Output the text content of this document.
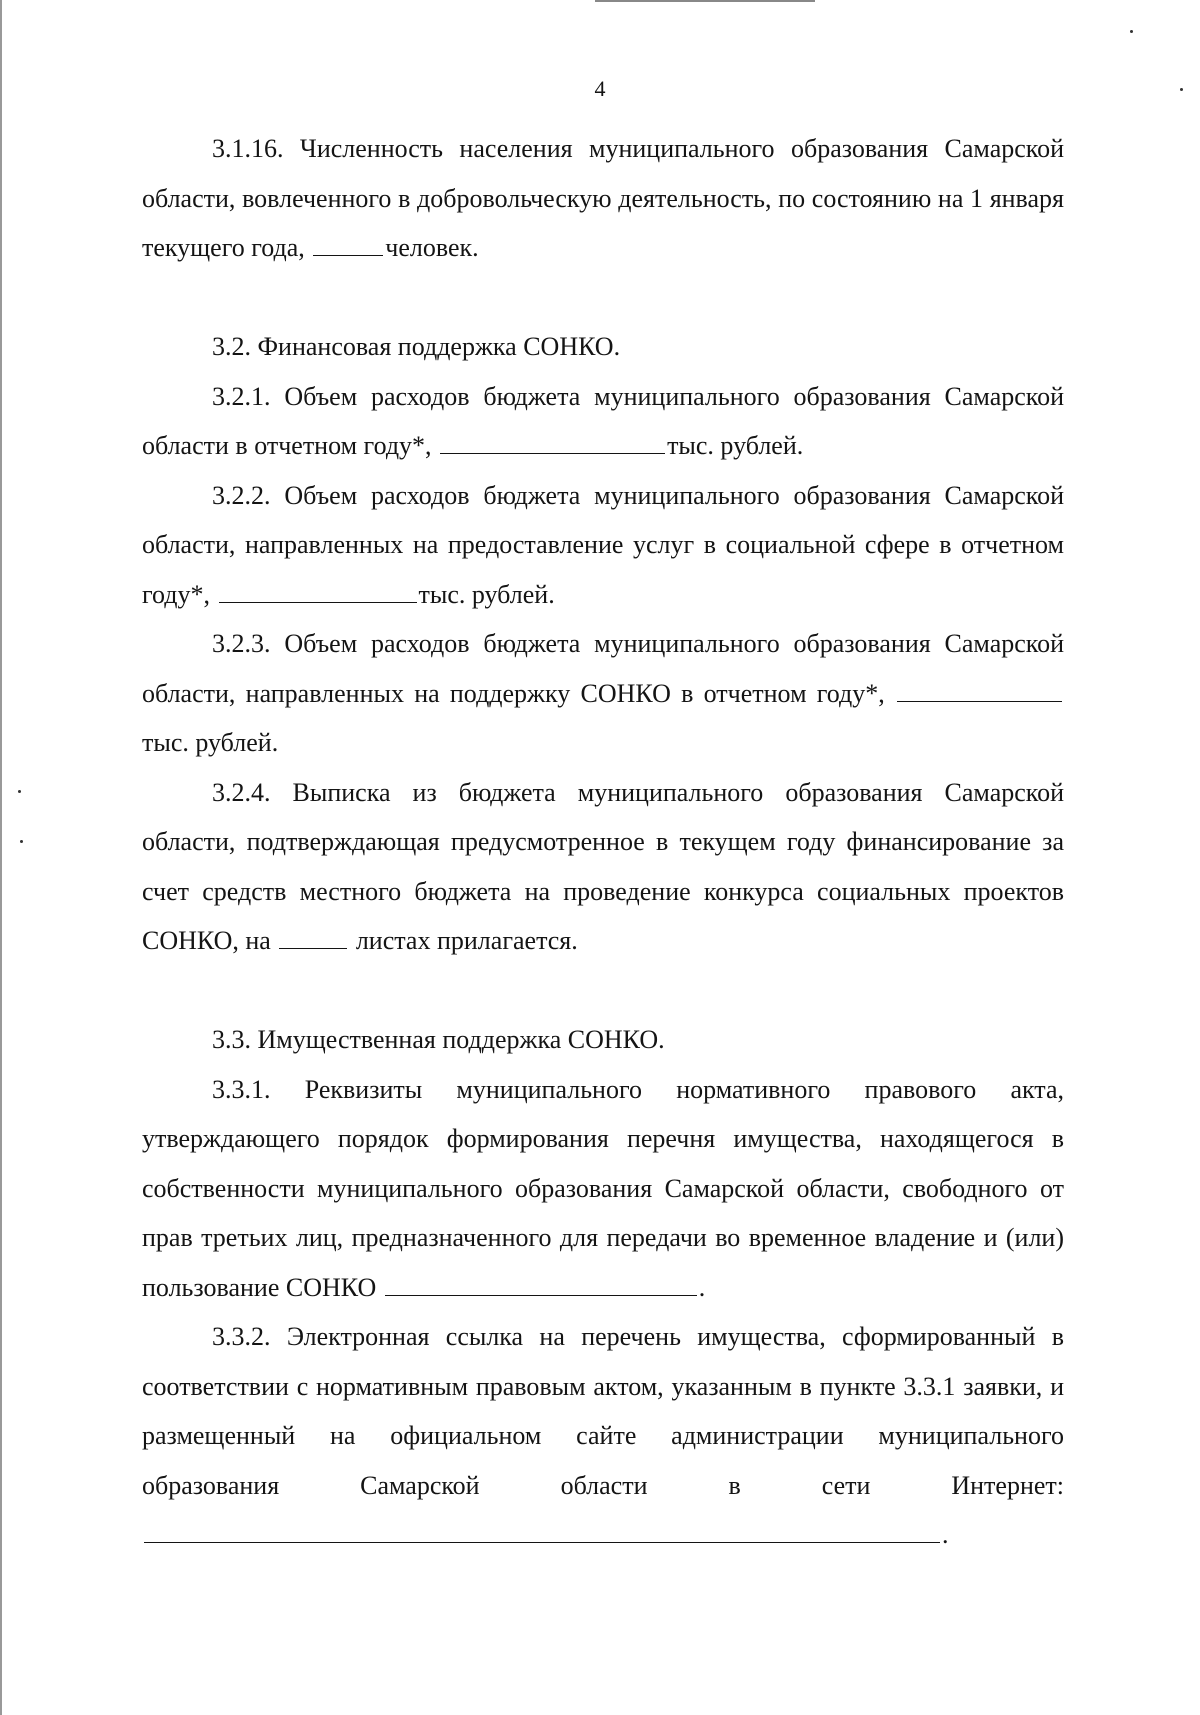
4

3.1.16. Численность населения муниципального образования Самарской области, вовлеченного в добровольческую деятельность, по состоянию на 1 января текущего года,	человек.

3.2. Финансовая поддержка СОНКО.

3.2.1. Объем расходов бюджета муниципального образования Самарской области в отчетном году*,	тыс. рублей.

3.2.2. Объем расходов бюджета муниципального образования Самарской области, направленных на предоставление услуг в социальной сфере в отчетном году*,	тыс. рублей.

3.2.3. Объем расходов бюджета муниципального образования Самарской области, направленных на поддержку СОНКО в отчетном году*, тыс. рублей.

3.2.4. Выписка из бюджета муниципального образования Самарской области, подтверждающая предусмотренное в текущем году финансирование за счет средств местного бюджета на проведение конкурса социальных проектов СОНКО, на	листах прилагается.

3.3. Имущественная поддержка СОНКО.

3.3.1. Реквизиты муниципального нормативного правового акта, утверждающего порядок формирования перечня имущества, находящегося в собственности муниципального образования Самарской области, свободного от прав третьих лиц, предназначенного для передачи во временное владение и (или) пользование СОНКО	.

3.3.2. Электронная ссылка на перечень имущества, сформированный в соответствии с нормативным правовым актом, указанным в пункте 3.3.1 заявки, и размещенный на официальном сайте администрации муниципального образования Самарской области в сети Интернет:.
